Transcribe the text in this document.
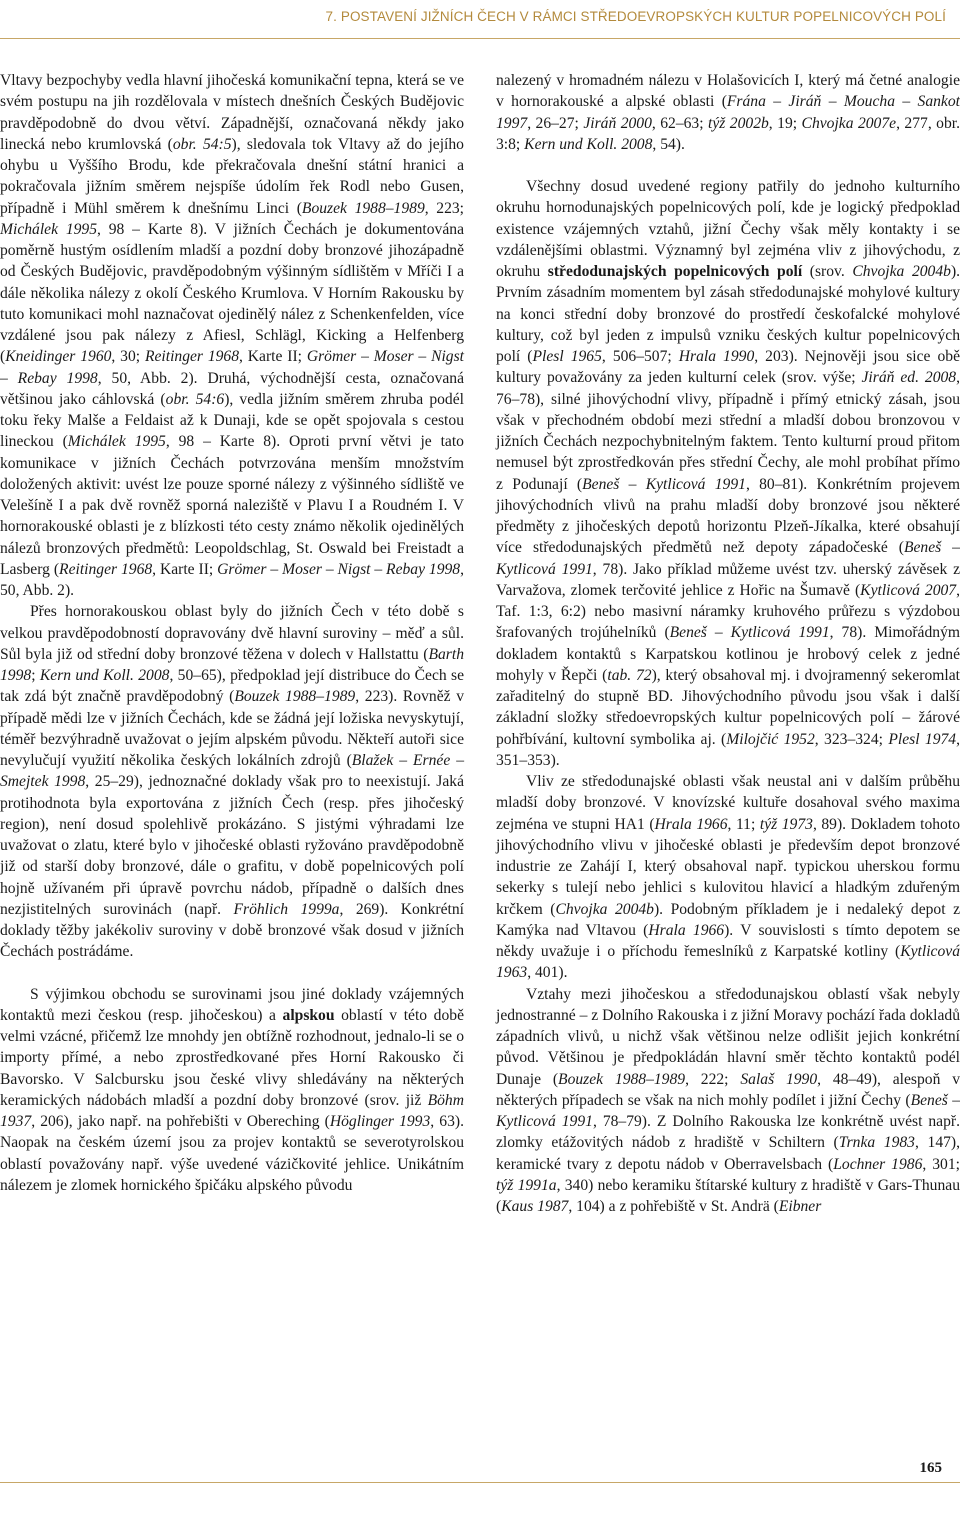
7. POSTAVENÍ JIŽNÍCH ČECH V RÁMCI STŘEDOEVROPSKÝCH KULTUR POPELNICOVÝCH POLÍ

Vltavy bezpochyby vedla hlavní jihočeská komunikační tepna, která se ve svém postupu na jih rozdělovala v místech dnešních Českých Budějovic pravděpodobně do dvou větví. Západnější, označovaná někdy jako linecká nebo krumlovská (obr. 54:5), sledovala tok Vltavy až do jejího ohybu u Vyššího Brodu, kde překračovala dnešní státní hranici a pokračovala jižním směrem nejspíše údolím řek Rodl nebo Gusen, případně i Mühl směrem k dnešnímu Linci (Bouzek 1988–1989, 223; Michálek 1995, 98 – Karte 8). V jižních Čechách je dokumentována poměrně hustým osídlením mladší a pozdní doby bronzové jihozápadně od Českých Budějovic, pravděpodobným výšinným sídlištěm v Mříči I a dále několika nálezy z okolí Českého Krumlova. V Horním Rakousku by tuto komunikaci mohl naznačovat ojedinělý nález z Schenkenfelden, více vzdálené jsou pak nálezy z Afiesl, Schlägl, Kicking a Helfenberg (Kneidinger 1960, 30; Reitinger 1968, Karte II; Grömer – Moser – Nigst – Rebay 1998, 50, Abb. 2). Druhá, východnější cesta, označovaná většinou jako cáhlovská (obr. 54:6), vedla jižním směrem zhruba podél toku řeky Malše a Feldaist až k Dunaji, kde se opět spojovala s cestou lineckou (Michálek 1995, 98 – Karte 8). Oproti první větvi je tato komunikace v jižních Čechách potvrzována menším množstvím doložených aktivit: uvést lze pouze sporné nálezy z výšinného sídliště ve Velešíně I a pak dvě rovněž sporná naleziště v Plavu I a Roudném I. V hornorakouské oblasti je z blízkosti této cesty známo několik ojedinělých nálezů bronzových předmětů: Leopoldschlag, St. Oswald bei Freistadt a Lasberg (Reitinger 1968, Karte II; Grömer – Moser – Nigst – Rebay 1998, 50, Abb. 2).

Přes hornorakouskou oblast byly do jižních Čech v této době s velkou pravděpodobností dopravovány dvě hlavní suroviny – měď a sůl. Sůl byla již od střední doby bronzové těžena v dolech v Hallstattu (Barth 1998; Kern und Koll. 2008, 50–65), předpoklad její distribuce do Čech se tak zdá být značně pravděpodobný (Bouzek 1988–1989, 223). Rovněž v případě mědi lze v jižních Čechách, kde se žádná její ložiska nevyskytují, téměř bezvýhradně uvažovat o jejím alpském původu. Někteří autoři sice nevylučují využití několika českých lokálních zdrojů (Blažek – Ernée – Smejtek 1998, 25–29), jednoznačné doklady však pro to neexistují. Jaká protihodnota byla exportována z jižních Čech (resp. přes jihočeský region), není dosud spolehlivě prokázáno. S jistými výhradami lze uvažovat o zlatu, které bylo v jihočeské oblasti ryžováno pravděpodobně již od starší doby bronzové, dále o grafitu, v době popelnicových polí hojně užívaném při úpravě povrchu nádob, případně o dalších dnes nezjistitelných surovinách (např. Fröhlich 1999a, 269). Konkrétní doklady těžby jakékoliv suroviny v době bronzové však dosud v jižních Čechách postrádáme.

S výjimkou obchodu se surovinami jsou jiné doklady vzájemných kontaktů mezi českou (resp. jihočeskou) a alpskou oblastí v této době velmi vzácné, přičemž lze mnohdy jen obtížně rozhodnout, jednalo-li se o importy přímé, a nebo zprostředkované přes Horní Rakousko či Bavorsko. V Salcbursku jsou české vlivy shledávány na některých keramických nádobách mladší a pozdní doby bronzové (srov. již Böhm 1937, 206), jako např. na pohřebišti v Obereching (Höglinger 1993, 63). Naopak na českém území jsou za projev kontaktů se severotyrolskou oblastí považovány např. výše uvedené vázičkovité jehlice. Unikátním nálezem je zlomek hornického špičáku alpského původu

nalezený v hromadném nálezu v Holašovicích I, který má četné analogie v hornorakouské a alpské oblasti (Frána – Jiráň – Moucha – Sankot 1997, 26–27; Jiráň 2000, 62–63; týž 2002b, 19; Chvojka 2007e, 277, obr. 3:8; Kern und Koll. 2008, 54).

Všechny dosud uvedené regiony patřily do jednoho kulturního okruhu hornodunajských popelnicových polí, kde je logický předpoklad existence vzájemných vztahů, jižní Čechy však měly kontakty i se vzdálenějšími oblastmi. Významný byl zejména vliv z jihovýchodu, z okruhu středodunajských popelnicových polí (srov. Chvojka 2004b). Prvním zásadním momentem byl zásah středodunajské mohylové kultury na konci střední doby bronzové do prostředí českofalcké mohylové kultury, což byl jeden z impulsů vzniku českých kultur popelnicových polí (Plesl 1965, 506–507; Hrala 1990, 203). Nejnověji jsou sice obě kultury považovány za jeden kulturní celek (srov. výše; Jiráň ed. 2008, 76–78), silné jihovýchodní vlivy, případně i přímý etnický zásah, jsou však v přechodném období mezi střední a mladší dobou bronzovou v jižních Čechách nezpochybnitelným faktem. Tento kulturní proud přitom nemusel být zprostředkován přes střední Čechy, ale mohl probíhat přímo z Podunají (Beneš – Kytlicová 1991, 80–81). Konkrétním projevem jihovýchodních vlivů na prahu mladší doby bronzové jsou některé předměty z jihočeských depotů horizontu Plzeň-Jíkalka, které obsahují více středodunajských předmětů než depoty západočeské (Beneš – Kytlicová 1991, 78). Jako příklad můžeme uvést tzv. uherský závěsek z Varvažova, zlomek terčovité jehlice z Hořic na Šumavě (Kytlicová 2007, Taf. 1:3, 6:2) nebo masivní náramky kruhového průřezu s výzdobou šrafovaných trojúhelníků (Beneš – Kytlicová 1991, 78). Mimořádným dokladem kontaktů s Karpatskou kotlinou je hrobový celek z jedné mohyly v Řepči (tab. 72), který obsahoval mj. i dvojramenný sekeromlat zařaditelný do stupně BD. Jihovýchodního původu jsou však i další základní složky středoevropských kultur popelnicových polí – žárové pohřbívání, kultovní symbolika aj. (Milojčić 1952, 323–324; Plesl 1974, 351–353).

Vliv ze středodunajské oblasti však neustal ani v dalším průběhu mladší doby bronzové. V knovízské kultuře dosahoval svého maxima zejména ve stupni HA1 (Hrala 1966, 11; týž 1973, 89). Dokladem tohoto jihovýchodního vlivu v jihočeské oblasti je především depot bronzové industrie ze Zahájí I, který obsahoval např. typickou uherskou formu sekerky s tulejí nebo jehlici s kulovitou hlavicí a hladkým zduřeným krčkem (Chvojka 2004b). Podobným příkladem je i nedaleký depot z Kamýka nad Vltavou (Hrala 1966). V souvislosti s tímto depotem se někdy uvažuje i o příchodu řemeslníků z Karpatské kotliny (Kytlicová 1963, 401).

Vztahy mezi jihočeskou a středodunajskou oblastí však nebyly jednostranné – z Dolního Rakouska i z jižní Moravy pochází řada dokladů západních vlivů, u nichž však většinou nelze odlišit jejich konkrétní původ. Většinou je předpokládán hlavní směr těchto kontaktů podél Dunaje (Bouzek 1988–1989, 222; Salaš 1990, 48–49), alespoň v některých případech se však na nich mohly podílet i jižní Čechy (Beneš – Kytlicová 1991, 78–79). Z Dolního Rakouska lze konkrétně uvést např. zlomky etážovitých nádob z hradiště v Schiltern (Trnka 1983, 147), keramické tvary z depotu nádob v Oberravelsbach (Lochner 1986, 301; týž 1991a, 340) nebo keramiku štítarské kultury z hradiště v Gars-Thunau (Kaus 1987, 104) a z pohřebiště v St. Andrä (Eibner

165
